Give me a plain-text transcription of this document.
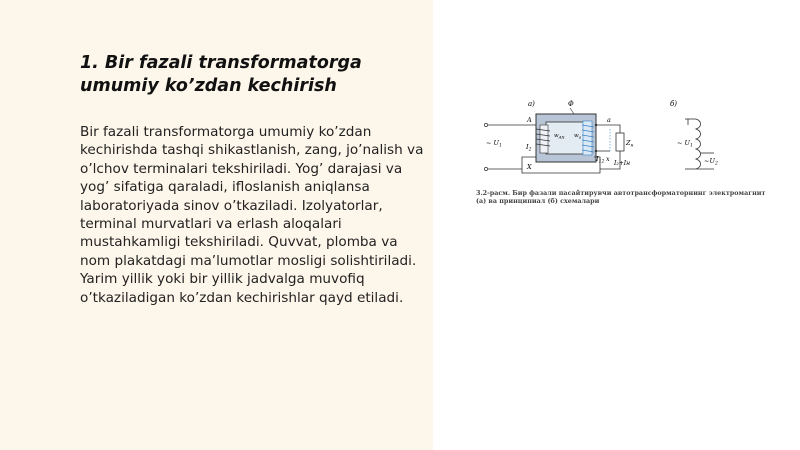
1. Bir fazali transformatorga umumiy ko’zdan kechirish

Bir fazali transformatorga umumiy ko’zdan kechirishda tashqi shikastlanish, zang, jo’nalish va o’lchov terminalari tekshiriladi. Yog’ darajasi va yog’ sifatiga qaraladi, ifloslanish aniqlansa laboratoriyada sinov o’tkaziladi. Izolyatorlar, terminal murvatlari va erlash aloqalari mustahkamligi tekshiriladi. Quvvat, plomba va nom plakatdagi ma’lumotlar mosligi solishtiriladi. Yarim yillik yoki bir yillik jadvalga muvofiq o’tkaziladigan ko’zdan kechirishlar qayd etiladi.

а)	б)
Φ
$w_{AX}$ $w_a$
A	a
x
X
~ $U_1$	$I_2$
$I_{12}$
$Z_н$
I₂+Iн
~ $U_1$
$\sim U_2$

3.2-расм. Бир фазали пасайтирувчи автотрансформаторнинг электромагнит (а) ва принципиал (б) схемалари
